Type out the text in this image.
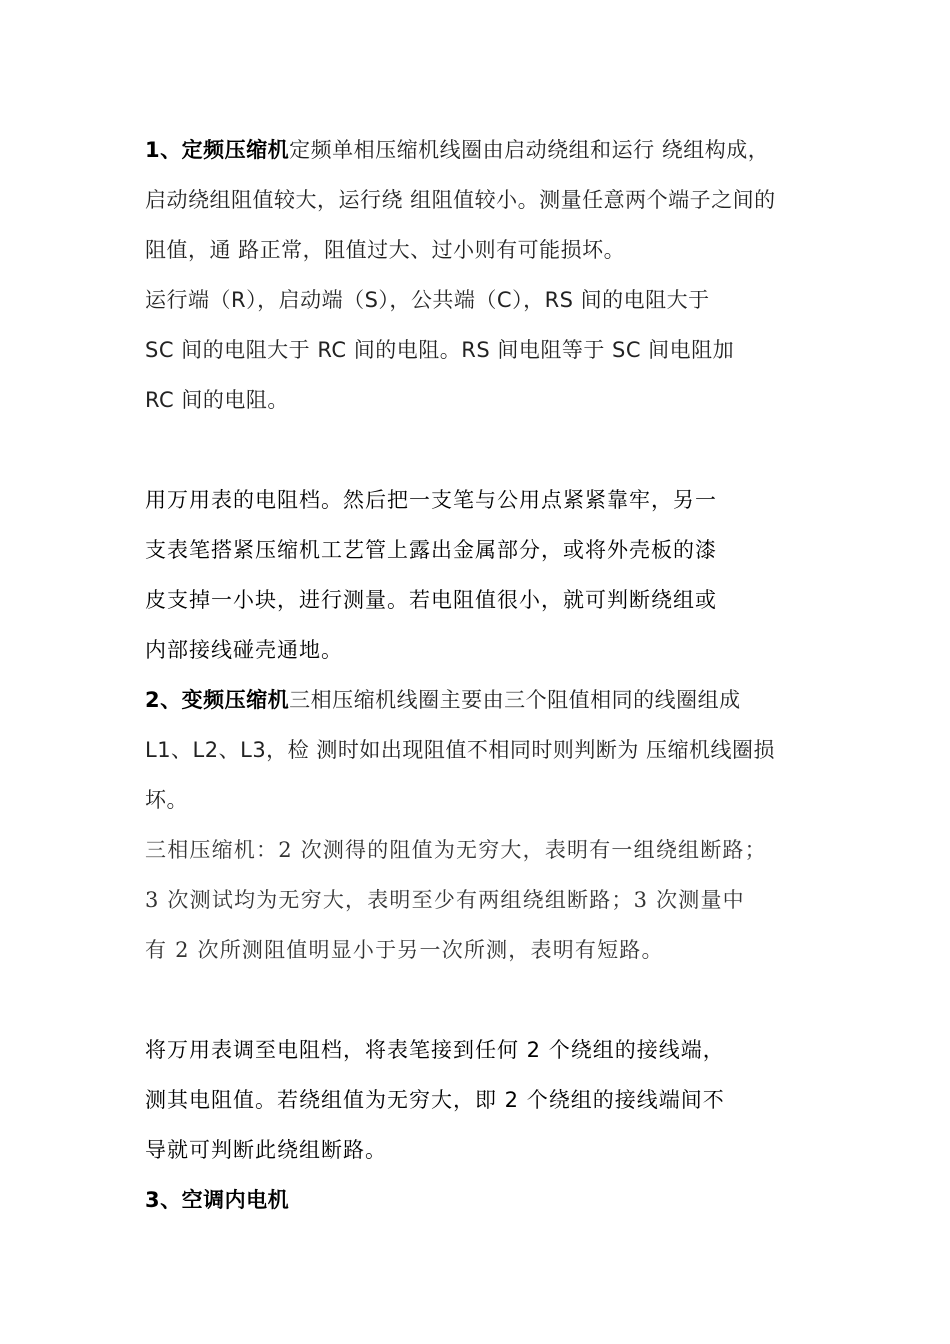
1、定频压缩机定频单相压缩机线圈由启动绕组和运行 绕组构成，
启动绕组阻值较大，运行绕 组阻值较小。测量任意两个端子之间的
阻值，通 路正常，阻值过大、过小则有可能损坏。
运行端（R），启动端（S），公共端（C），RS 间的电阻大于
SC 间的电阻大于 RC 间的电阻。RS 间电阻等于 SC 间电阻加
RC 间的电阻。
用万用表的电阻档。然后把一支笔与公用点紧紧靠牢，另一
支表笔搭紧压缩机工艺管上露出金属部分，或将外壳板的漆
皮支掉一小块，进行测量。若电阻值很小，就可判断绕组或
内部接线碰壳通地。
2、变频压缩机三相压缩机线圈主要由三个阻值相同的线圈组成
L1、L2、L3，检 测时如出现阻值不相同时则判断为 压缩机线圈损
坏。
三相压缩机：2 次测得的阻值为无穷大，表明有一组绕组断路；
3 次测试均为无穷大，表明至少有两组绕组断路；3 次测量中
有 2 次所测阻值明显小于另一次所测，表明有短路。
将万用表调至电阻档，将表笔接到任何 2 个绕组的接线端，
测其电阻值。若绕组值为无穷大，即 2 个绕组的接线端间不
导就可判断此绕组断路。
3、空调内电机
